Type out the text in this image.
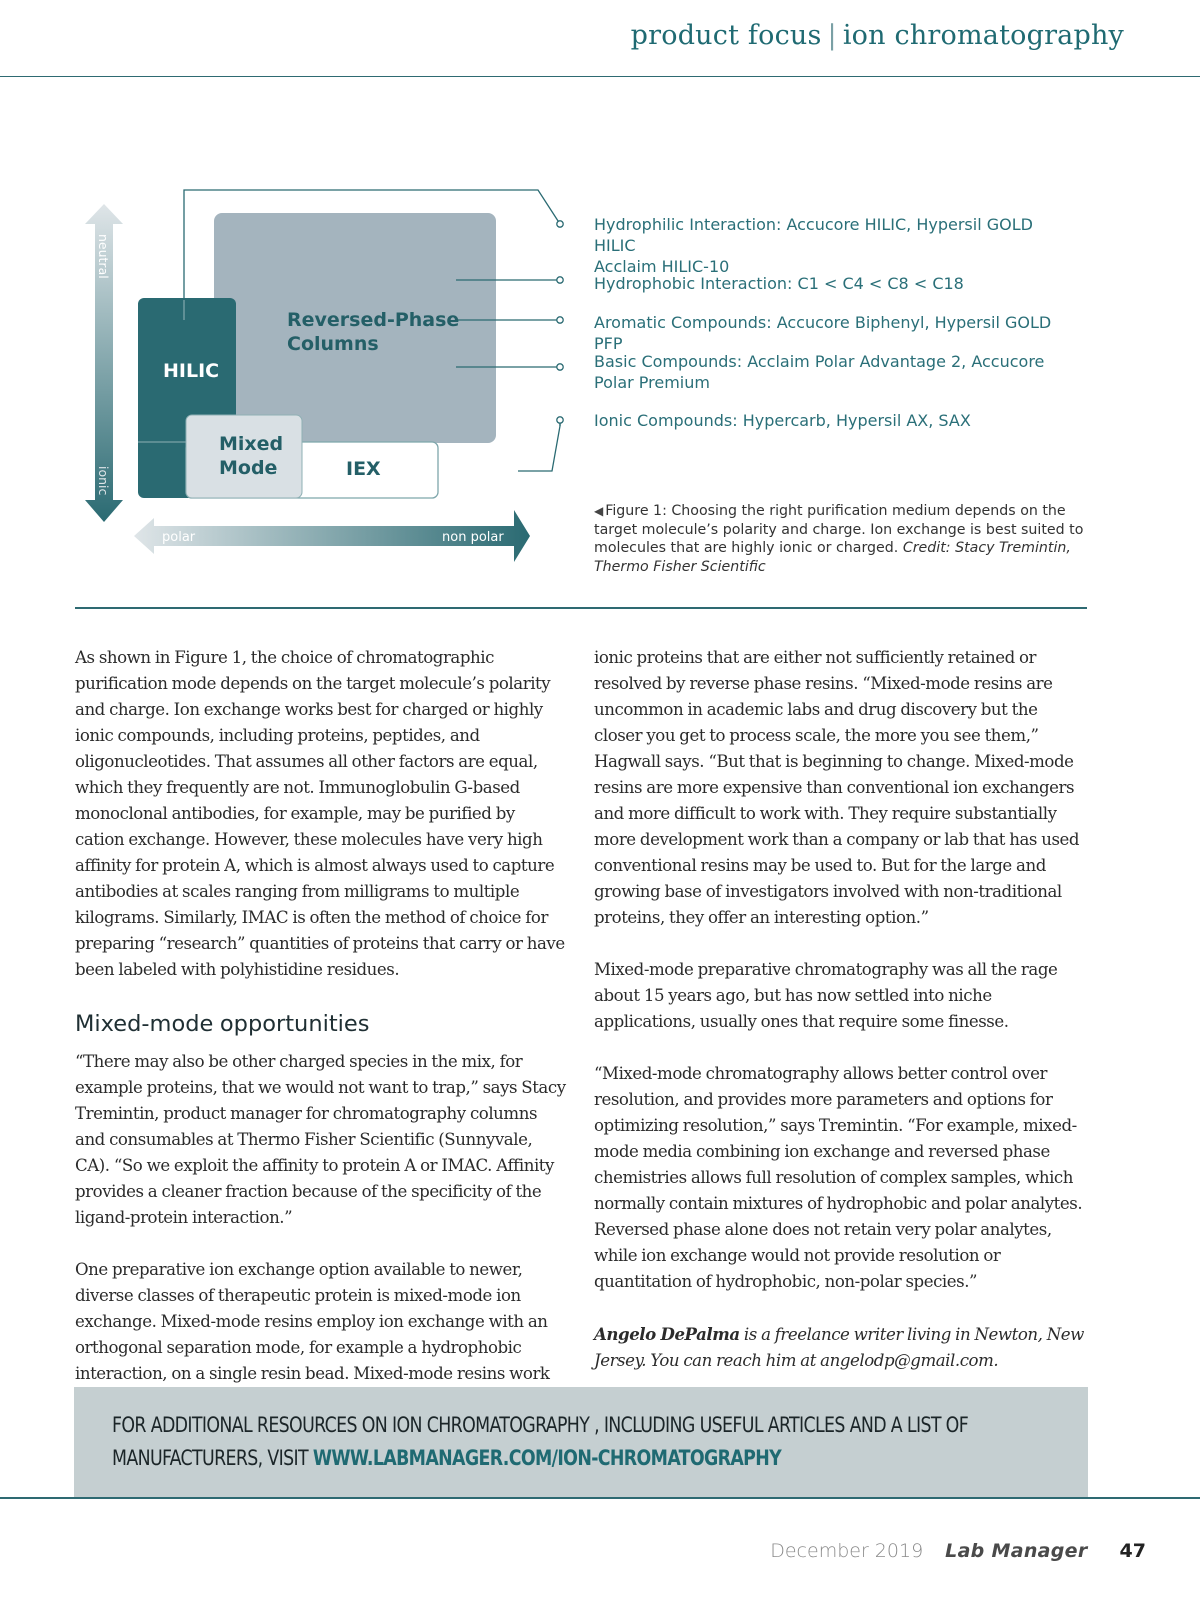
product focus | ion chromatography
neutral
ionic
polar	non polar
Reversed-Phase
Columns
HILIC
Mixed
Mode	IEX
Hydrophilic Interaction: Accucore HILIC, Hypersil GOLD HILIC
Acclaim HILIC-10
Hydrophobic Interaction: C1 < C4 < C8 < C18
Aromatic Compounds: Accucore Biphenyl, Hypersil GOLD PFP
Basic Compounds: Acclaim Polar Advantage 2, Accucore
Polar Premium
Ionic Compounds: Hypercarb, Hypersil AX, SAX
◀ Figure 1: Choosing the right purification medium depends on the target molecule’s polarity and charge. Ion exchange is best suited to molecules that are highly ionic or charged. Credit: Stacy Tremintin, Thermo Fisher Scientific

As shown in Figure 1, the choice of chromatographic purification mode depends on the target molecule’s polarity and charge. Ion exchange works best for charged or highly ionic compounds, including proteins, peptides, and oligonucleotides. That assumes all other factors are equal, which they frequently are not. Immunoglobulin G-based monoclonal antibodies, for example, may be purified by cation exchange. However, these molecules have very high affinity for protein A, which is almost always used to capture antibodies at scales ranging from milligrams to multiple kilograms. Similarly, IMAC is often the method of choice for preparing “research” quantities of proteins that carry or have been labeled with polyhistidine residues.

Mixed-mode opportunities

“There may also be other charged species in the mix, for example proteins, that we would not want to trap,” says Stacy Tremintin, product manager for chromatography columns and consumables at Thermo Fisher Scientific (Sunnyvale, CA). “So we exploit the affinity to protein A or IMAC. Affinity provides a cleaner fraction because of the specificity of the ligand-protein interaction.”

One preparative ion exchange option available to newer, diverse classes of therapeutic protein is mixed-mode ion exchange. Mixed-mode resins employ ion exchange with an orthogonal separation mode, for example a hydrophobic interaction, on a single resin bead. Mixed-mode resins work

ionic proteins that are either not sufficiently retained or resolved by reverse phase resins. “Mixed-mode resins are uncommon in academic labs and drug discovery but the closer you get to process scale, the more you see them,” Hagwall says. “But that is beginning to change. Mixed-mode resins are more expensive than conventional ion exchangers and more difficult to work with. They require substantially more development work than a company or lab that has used conventional resins may be used to. But for the large and growing base of investigators involved with non-traditional proteins, they offer an interesting option.”

Mixed-mode preparative chromatography was all the rage about 15 years ago, but has now settled into niche applications, usually ones that require some finesse.

“Mixed-mode chromatography allows better control over resolution, and provides more parameters and options for optimizing resolution,” says Tremintin. “For example, mixed-mode media combining ion exchange and reversed phase chemistries allows full resolution of complex samples, which normally contain mixtures of hydrophobic and polar analytes. Reversed phase alone does not retain very polar analytes, while ion exchange would not provide resolution or quantitation of hydrophobic, non-polar species.”

Angelo DePalma is a freelance writer living in Newton, New Jersey. You can reach him at angelodp@gmail.com.

FOR ADDITIONAL RESOURCES ON ION CHROMATOGRAPHY , INCLUDING USEFUL ARTICLES AND A LIST OF
MANUFACTURERS, VISIT WWW.LABMANAGER.COM/ION-CHROMATOGRAPHY
December 2019 Lab Manager 47
